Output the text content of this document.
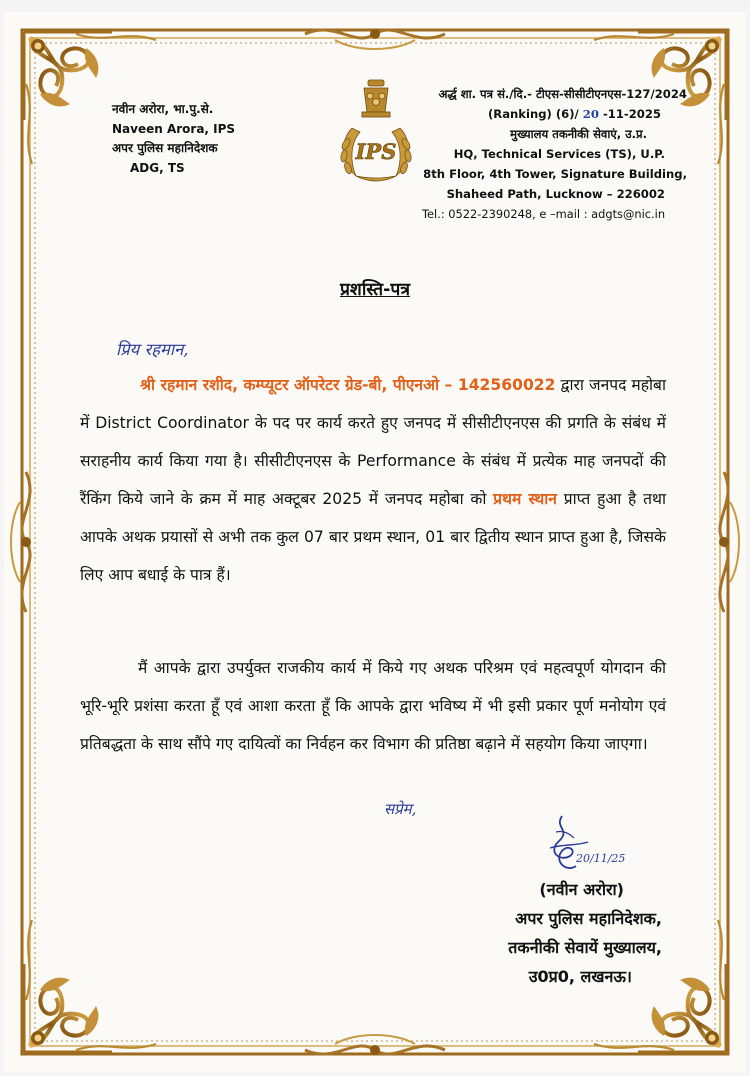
नवीन अरोरा, भा.पु.से.
Naveen Arora, IPS
अपर पुलिस महानिदेशक
ADG, TS
IPS
अर्द्ध शा. पत्र सं./दि.- टीएस-सीसीटीएनएस-127/2024
(Ranking) (6)/ 20 -11-2025
मुख्यालय तकनीकी सेवाएं, उ.प्र.
HQ, Technical Services (TS), U.P.
8th Floor, 4th Tower, Signature Building,
Shaheed Path, Lucknow – 226002
Tel.: 0522-2390248, e –mail : adgts@nic.in
प्रशस्ति-पत्र
प्रिय रहमान,
श्री रहमान रशीद, कम्प्यूटर ऑपरेटर ग्रेड-बी, पीएनओ – 142560022 द्वारा जनपद महोबा में District Coordinator के पद पर कार्य करते हुए जनपद में सीसीटीएनएस की प्रगति के संबंध में सराहनीय कार्य किया गया है। सीसीटीएनएस के Performance के संबंध में प्रत्येक माह जनपदों की रैंकिंग किये जाने के क्रम में माह अक्टूबर 2025 में जनपद महोबा को प्रथम स्थान प्राप्त हुआ है तथा आपके अथक प्रयासों से अभी तक कुल 07 बार प्रथम स्थान, 01 बार द्वितीय स्थान प्राप्त हुआ है, जिसके लिए आप बधाई के पात्र हैं।
मैं आपके द्वारा उपर्युक्त राजकीय कार्य में किये गए अथक परिश्रम एवं महत्वपूर्ण योगदान की भूरि-भूरि प्रशंसा करता हूँ एवं आशा करता हूँ कि आपके द्वारा भविष्य में भी इसी प्रकार पूर्ण मनोयोग एवं प्रतिबद्धता के साथ सौंपे गए दायित्वों का निर्वहन कर विभाग की प्रतिष्ठा बढ़ाने में सहयोग किया जाएगा।
सप्रेम,
20/11/25
(नवीन अरोरा)
अपर पुलिस महानिदेशक,
तकनीकी सेवायें मुख्यालय,
उ0प्र0, लखनऊ।
